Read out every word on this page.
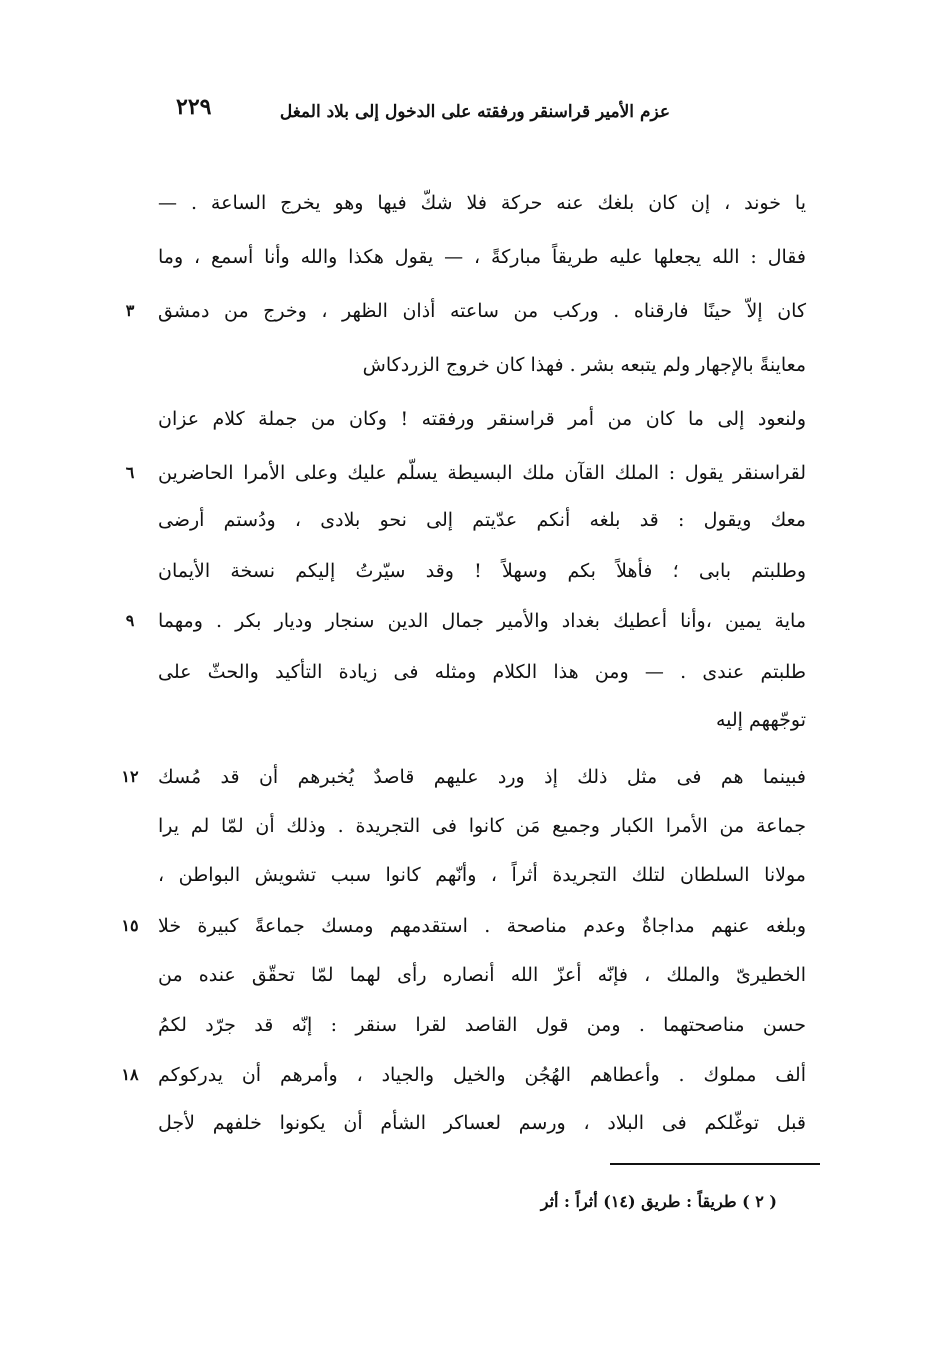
عزم الأمير قراسنقر ورفقته على الدخول إلى بلاد المغل
٢٢٩
يا خوند ، إن كان بلغك عنه حركة فلا شكّ فيها وهو يخرج الساعة . —
فقال : الله يجعلها عليه طريقاً مباركةً ، — يقول هكذا والله وأنا أسمع ، وما
كان إلاّ حينًا فارقناه . وركب من ساعته أذان الظهر ، وخرج من دمشق
معاينةً بالإجهار ولم يتبعه بشر . فهذا كان خروج الزردكاش
ولنعود إلى ما كان من أمر قراسنقر ورفقته ! وكان من جملة كلام عزان
لقراسنقر يقول : الملك القآن ملك البسيطة يسلّم عليك وعلى الأمرا الحاضرين
معك ويقول : قد بلغه أنكم عدّيتم إلى نحو بلادى ، ودُستم أرضى
وطلبتم بابى ؛ فأهلاً بكم وسهلاً ! وقد سيّرتُ إليكم نسخة الأيمان
ماية يمين ،وأنا أعطيك بغداد والأمير جمال الدين سنجار وديار بكر . ومهما
طلبتم عندى . — ومن هذا الكلام ومثله فى زيادة التأكيد والحثّ على
توجّههم إليه
فبينما هم فى مثل ذلك إذ ورد عليهم قاصدٌ يُخبرهم أن قد مُسك
جماعة من الأمرا الكبار وجميع مَن كانوا فى التجريدة . وذلك أن لمّا لم يرا
مولانا السلطان لتلك التجريدة أثراً ، وأنّهم كانوا سبب تشويش البواطن ،
وبلغه عنهم مداجاةٌ وعدم مناصحة . استقدمهم ومسك جماعةً كبيرة خلا
الخطيرىّ والملك ، فإنّه أعزّ الله أنصاره رأى لهما لمّا تحقّق عنده من
حسن مناصحتهما . ومن قول القاصد لقرا سنقر : إنّه قد جرّد لكمُ
ألف مملوك . وأعطاهم الهُجُن والخيل والجياد ، وأمرهم أن يدركوكم
قبل توغّلكم فى البلاد ، ورسم لعساكر الشأم أن يكونوا خلفهم لأجل
٣
٦
٩
١٢
١٥
١٨
( ٢ ) طريقاً : طريق (١٤) أثراً : أثر
